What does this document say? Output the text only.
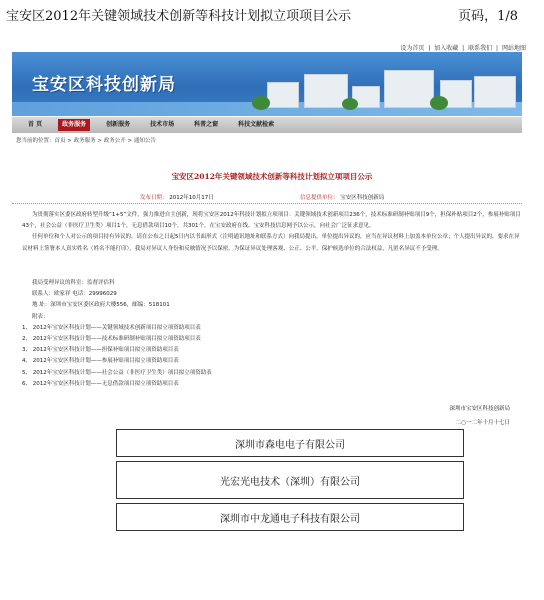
宝安区2012年关键领域技术创新等科技计划拟立项项目公示	页码，1/8
设为首页 | 加入收藏 | 联系我们 | 网站地图
宝安区科技创新局
首 页	政务服务	创新服务	技术市场	科普之窗	科技文献检索
您当前的位置：首页 > 政务服务 > 政务公开 > 通知公告
宝安区2012年关键领域技术创新等科技计划拟立项项目公示
发布日期： 2012年10月17日	信息提供单位： 宝安区科技创新局

为贯彻落实区委区政府转型升级“1+5”文件，强力推进自主创新，现将宝安区2012年科技计划拟立项项目：关键领域技术创新项目236个，技术标准研制补贴项目9个，担保补贴项目2个，参展补贴项目43个，社会公益（非医疗卫生类）项目1个，无息借款项目10个，共301个，在宝安政府在线、宝安科技信息网予以公示，向社会广泛征求意见。

任何单位和个人对公示的项目持有异议的，请在公布之日起5日内以书面形式（注明通讯地址和联系方式）向我局提出。单位提出异议的，应当在异议材料上加盖本单位公章；个人提出异议的，要求在异议材料上签署本人真实姓名（姓名不能打印），我局对异议人身份和反映情况予以保密。为保证异议处理客观、公正、公平，保护候选单位的合法权益，凡匿名异议不予受理。

我局受理异议的科室：监督评估科

联系人：欧家祥 电话：29996029

地 址：深圳市宝安区委区政府大楼556，邮编：518101

附表：

1、 2012年宝安区科技计划——关键领域技术创新项目拟立项资助项目表

2、 2012年宝安区科技计划——技术标准研制补贴项目拟立项资助项目表

3、 2012年宝安区科技计划——担保补贴项目拟立项资助项目表

4、 2012年宝安区科技计划——参展补贴项目拟立项资助项目表

5、 2012年宝安区科技计划——社会公益（非医疗卫生类）项目拟立项资助表

6、 2012年宝安区科技计划——无息借款项目拟立项资助项目表

深圳市宝安区科技创新局
二○一二年十月十七日
深圳市森电电子有限公司
光宏光电技术（深圳）有限公司
深圳市中龙通电子科技有限公司
